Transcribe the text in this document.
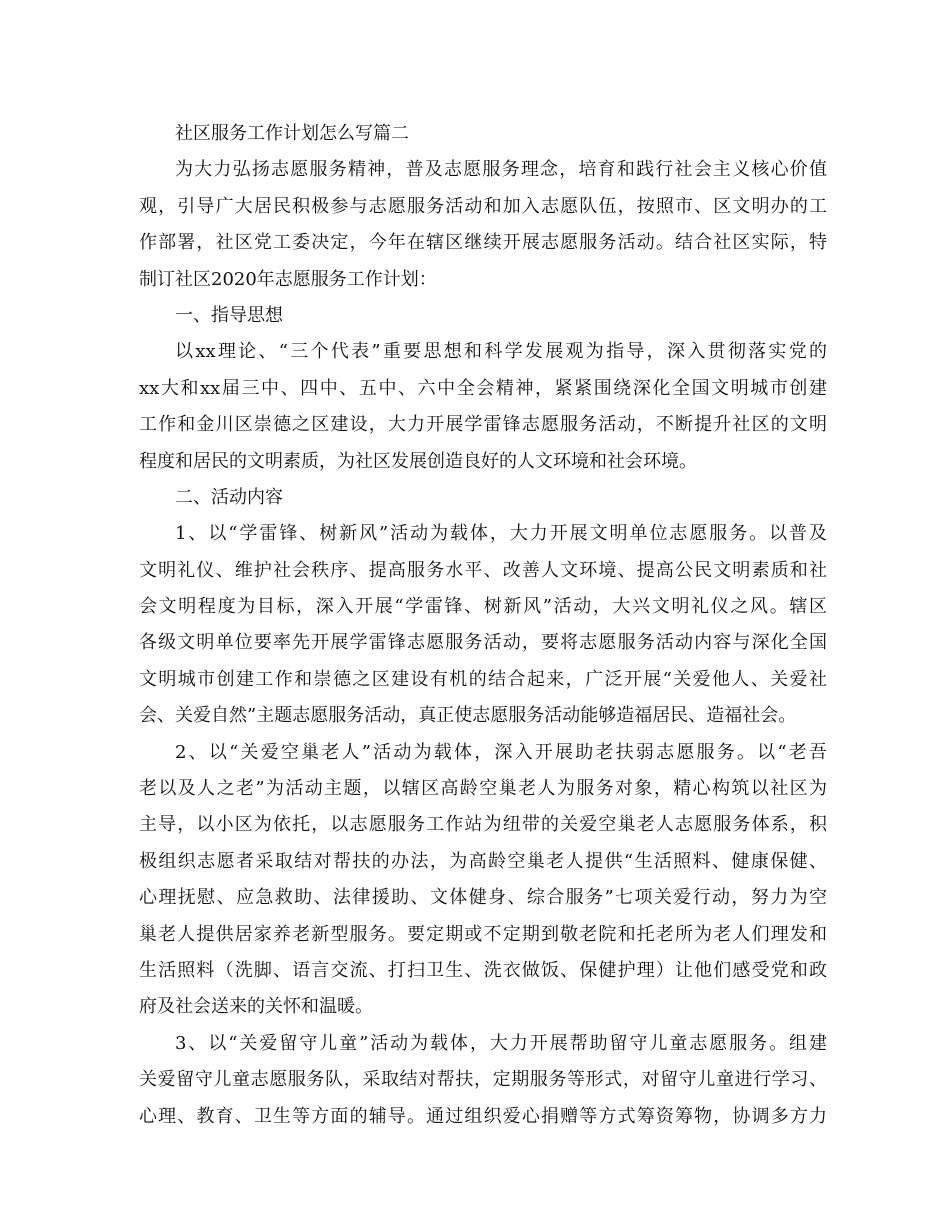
社区服务工作计划怎么写篇二
为大力弘扬志愿服务精神，普及志愿服务理念，培育和践行社会主义核心价值
观，引导广大居民积极参与志愿服务活动和加入志愿队伍，按照市、区文明办的工
作部署，社区党工委决定，今年在辖区继续开展志愿服务活动。结合社区实际，特
制订社区2020年志愿服务工作计划：
一、指导思想
以xx理论、“三个代表”重要思想和科学发展观为指导，深入贯彻落实党的
xx大和xx届三中、四中、五中、六中全会精神，紧紧围绕深化全国文明城市创建
工作和金川区崇德之区建设，大力开展学雷锋志愿服务活动，不断提升社区的文明
程度和居民的文明素质，为社区发展创造良好的人文环境和社会环境。
二、活动内容
1、以“学雷锋、树新风”活动为载体，大力开展文明单位志愿服务。以普及
文明礼仪、维护社会秩序、提高服务水平、改善人文环境、提高公民文明素质和社
会文明程度为目标，深入开展“学雷锋、树新风”活动，大兴文明礼仪之风。辖区
各级文明单位要率先开展学雷锋志愿服务活动，要将志愿服务活动内容与深化全国
文明城市创建工作和崇德之区建设有机的结合起来，广泛开展“关爱他人、关爱社
会、关爱自然”主题志愿服务活动，真正使志愿服务活动能够造福居民、造福社会。
2、以“关爱空巢老人”活动为载体，深入开展助老扶弱志愿服务。以“老吾
老以及人之老”为活动主题，以辖区高龄空巢老人为服务对象，精心构筑以社区为
主导，以小区为依托，以志愿服务工作站为纽带的关爱空巢老人志愿服务体系，积
极组织志愿者采取结对帮扶的办法，为高龄空巢老人提供“生活照料、健康保健、
心理抚慰、应急救助、法律援助、文体健身、综合服务”七项关爱行动，努力为空
巢老人提供居家养老新型服务。要定期或不定期到敬老院和托老所为老人们理发和
生活照料（洗脚、语言交流、打扫卫生、洗衣做饭、保健护理）让他们感受党和政
府及社会送来的关怀和温暖。
3、以“关爱留守儿童”活动为载体，大力开展帮助留守儿童志愿服务。组建
关爱留守儿童志愿服务队，采取结对帮扶，定期服务等形式，对留守儿童进行学习、
心理、教育、卫生等方面的辅导。通过组织爱心捐赠等方式筹资筹物，协调多方力
